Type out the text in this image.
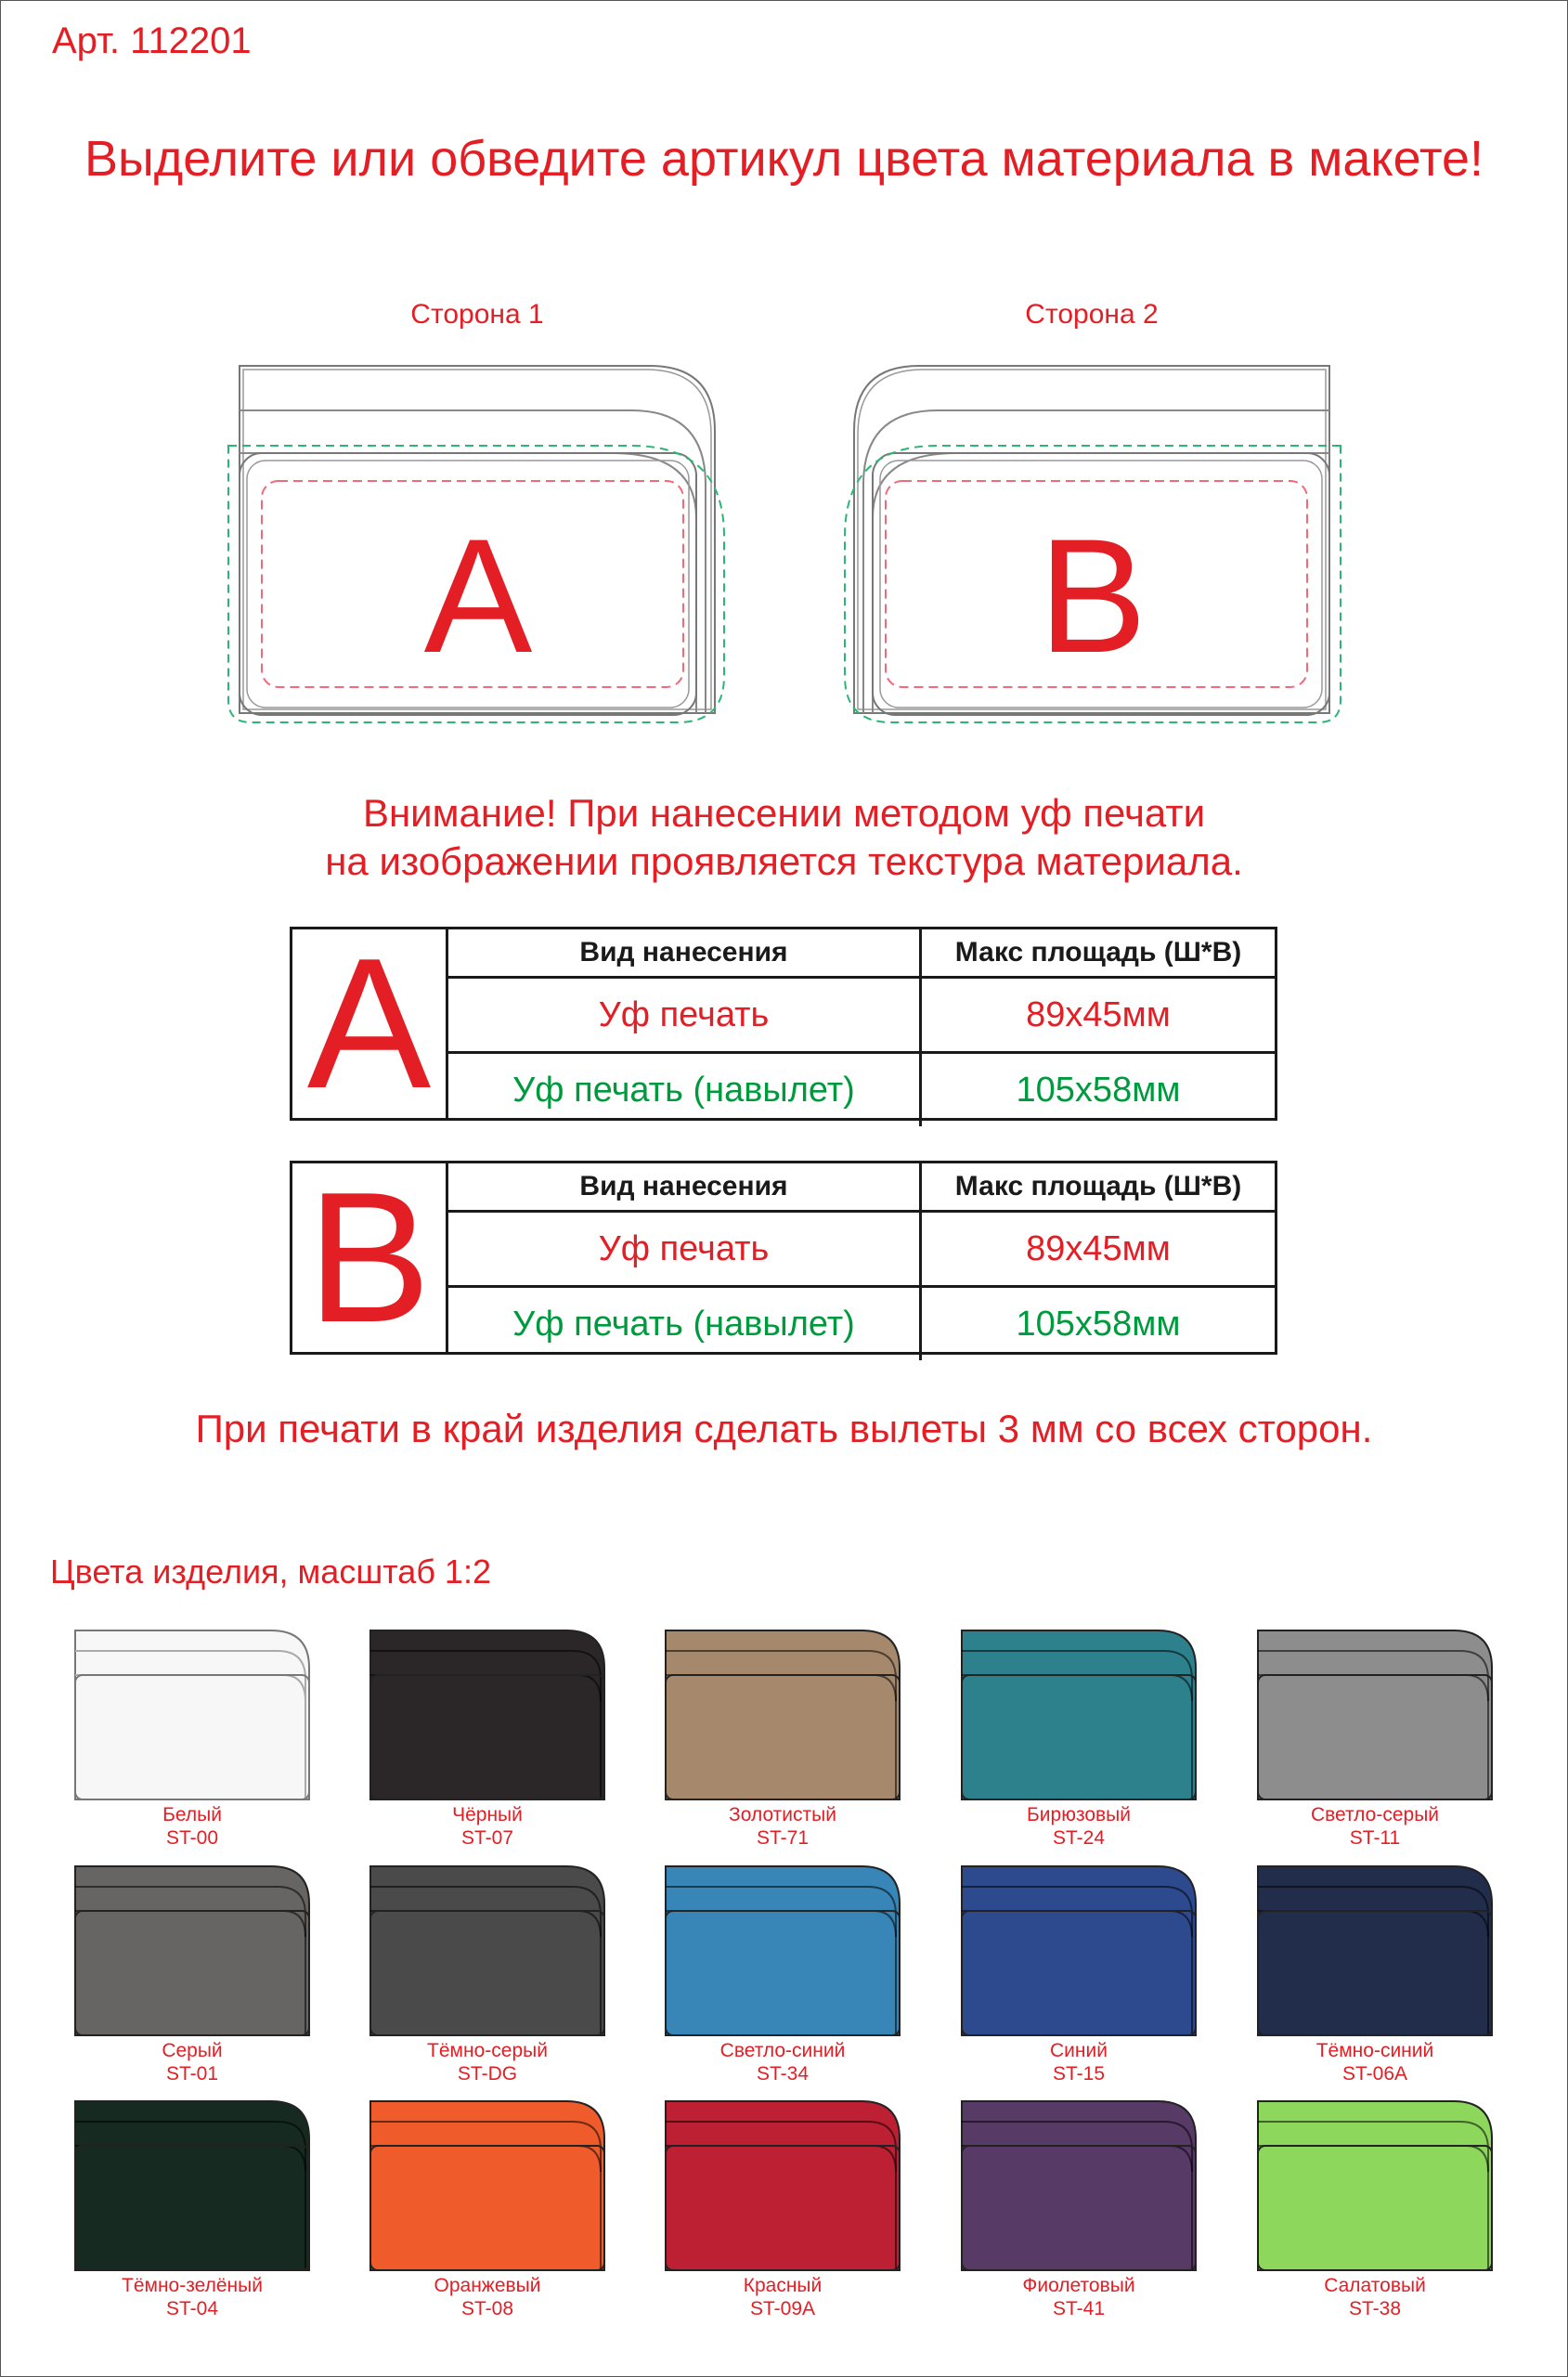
Арт. 112201
Выделите или обведите артикул цвета материала в макете!
Сторона 1
A
Сторона 2
B
Внимание! При нанесении методом уф печати
на изображении проявляется текстура материала.
A	Вид нанесения	Макс площадь (Ш*В)
Уф печать	89х45мм
Уф печать (навылет)	105х58мм
B	Вид нанесения	Макс площадь (Ш*В)
Уф печать	89х45мм
Уф печать (навылет)	105х58мм
При печати в край изделия сделать вылеты 3 мм со всех сторон.
Цвета изделия, масштаб 1:2
Белый
ST-00
Чёрный
ST-07
Золотистый
ST-71
Бирюзовый
ST-24
Светло-серый
ST-11
Серый
ST-01
Тёмно-серый
ST-DG
Светло-синий
ST-34
Синий
ST-15
Тёмно-синий
ST-06A
Тёмно-зелёный
ST-04
Оранжевый
ST-08
Красный
ST-09A
Фиолетовый
ST-41
Салатовый
ST-38
